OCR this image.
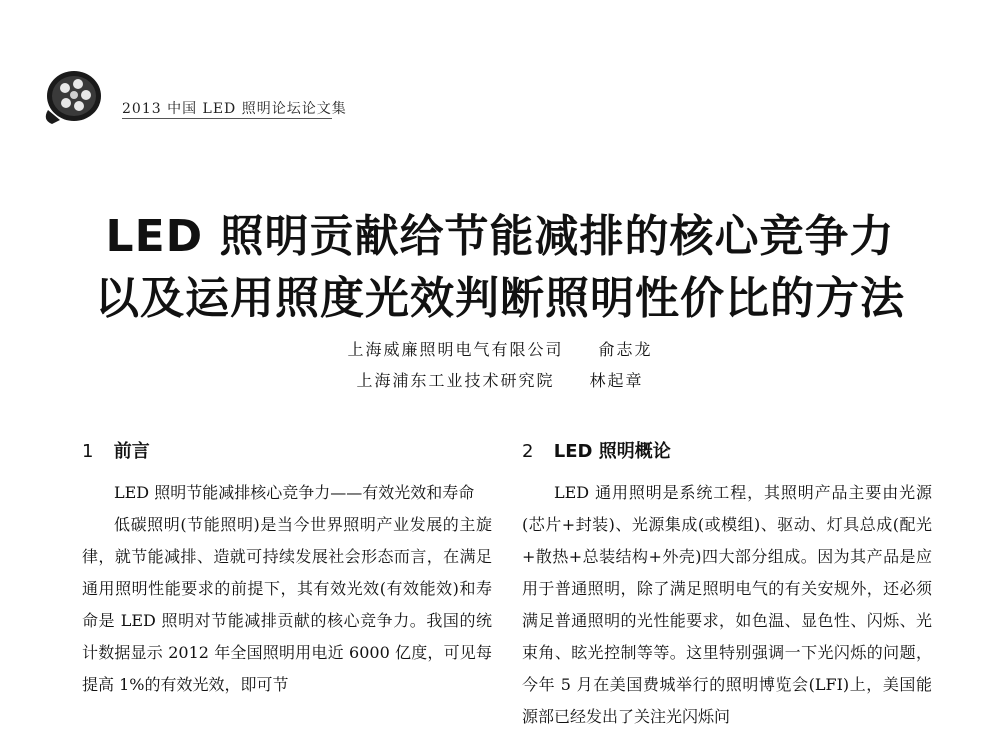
2013 中国 LED 照明论坛论文集
LED 照明贡献给节能减排的核心竞争力
以及运用照度光效判断照明性价比的方法
上海威廉照明电气有限公司 俞志龙
上海浦东工业技术研究院 林起章
1 前言	2 LED 照明概论

LED 照明节能减排核心竞争力——有效光效和寿命

低碳照明(节能照明)是当今世界照明产业发展的主旋律，就节能减排、造就可持续发展社会形态而言，在满足通用照明性能要求的前提下，其有效光效(有效能效)和寿命是 LED 照明对节能减排贡献的核心竞争力。我国的统计数据显示 2012 年全国照明用电近 6000 亿度，可见每提高 1%的有效光效，即可节

LED 通用照明是系统工程，其照明产品主要由光源(芯片+封装)、光源集成(或模组)、驱动、灯具总成(配光+散热+总装结构+外壳)四大部分组成。因为其产品是应用于普通照明，除了满足照明电气的有关安规外，还必须满足普通照明的光性能要求，如色温、显色性、闪烁、光束角、眩光控制等等。这里特别强调一下光闪烁的问题，今年 5 月在美国费城举行的照明博览会(LFI)上，美国能源部已经发出了关注光闪烁问
